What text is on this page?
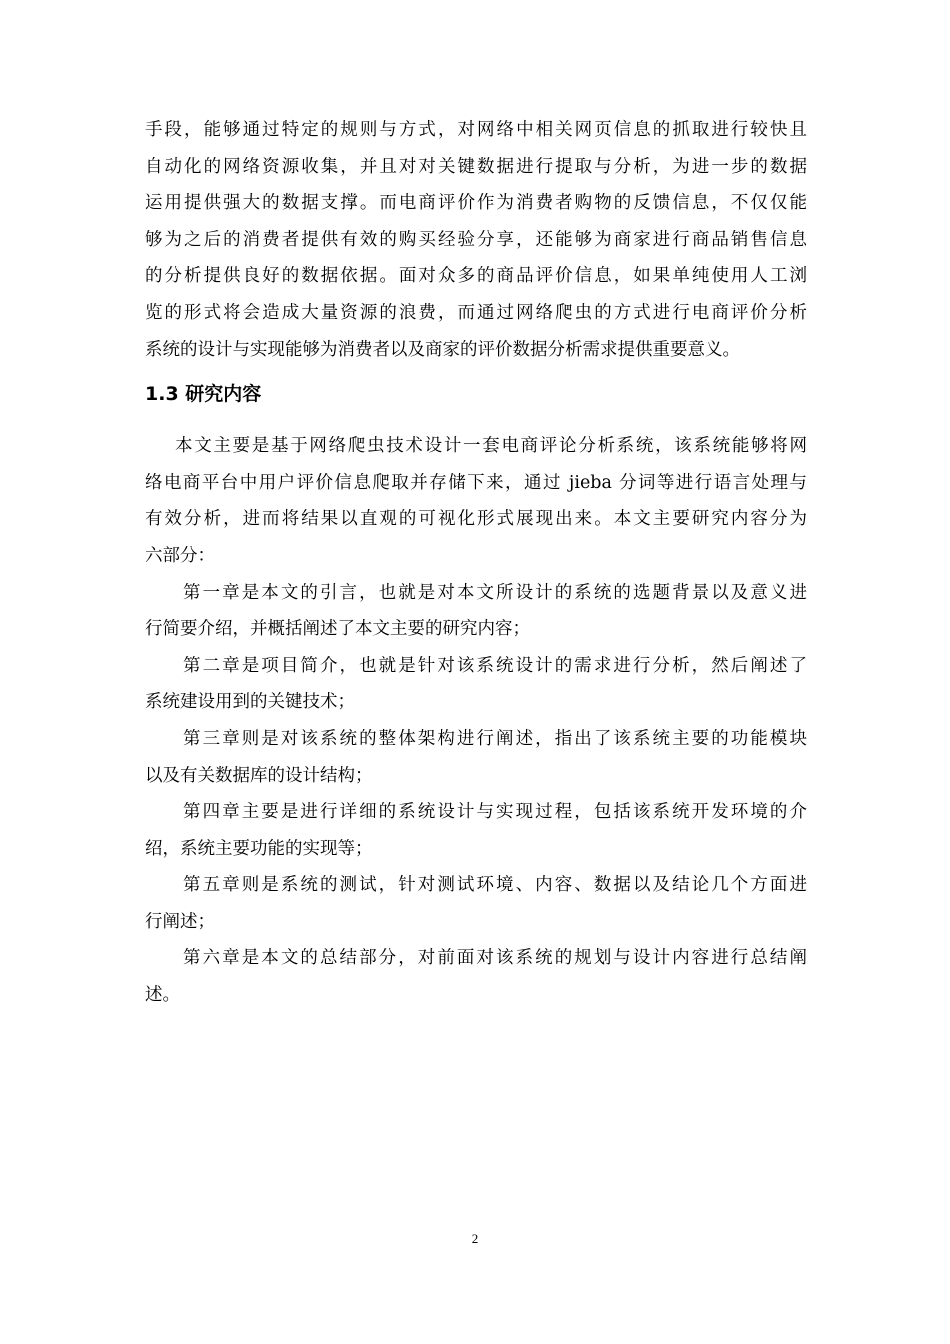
手段，能够通过特定的规则与方式，对网络中相关网页信息的抓取进行较快且
自动化的网络资源收集，并且对对关键数据进行提取与分析，为进一步的数据
运用提供强大的数据支撑。而电商评价作为消费者购物的反馈信息，不仅仅能
够为之后的消费者提供有效的购买经验分享，还能够为商家进行商品销售信息
的分析提供良好的数据依据。面对众多的商品评价信息，如果单纯使用人工浏
览的形式将会造成大量资源的浪费，而通过网络爬虫的方式进行电商评价分析
系统的设计与实现能够为消费者以及商家的评价数据分析需求提供重要意义。
1.3 研究内容
本文主要是基于网络爬虫技术设计一套电商评论分析系统，该系统能够将网
络电商平台中用户评价信息爬取并存储下来，通过 jieba 分词等进行语言处理与
有效分析，进而将结果以直观的可视化形式展现出来。本文主要研究内容分为
六部分：
第一章是本文的引言，也就是对本文所设计的系统的选题背景以及意义进
行简要介绍，并概括阐述了本文主要的研究内容；
第二章是项目简介，也就是针对该系统设计的需求进行分析，然后阐述了
系统建设用到的关键技术；
第三章则是对该系统的整体架构进行阐述，指出了该系统主要的功能模块
以及有关数据库的设计结构；
第四章主要是进行详细的系统设计与实现过程，包括该系统开发环境的介
绍，系统主要功能的实现等；
第五章则是系统的测试，针对测试环境、内容、数据以及结论几个方面进
行阐述；
第六章是本文的总结部分，对前面对该系统的规划与设计内容进行总结阐
述。
2
